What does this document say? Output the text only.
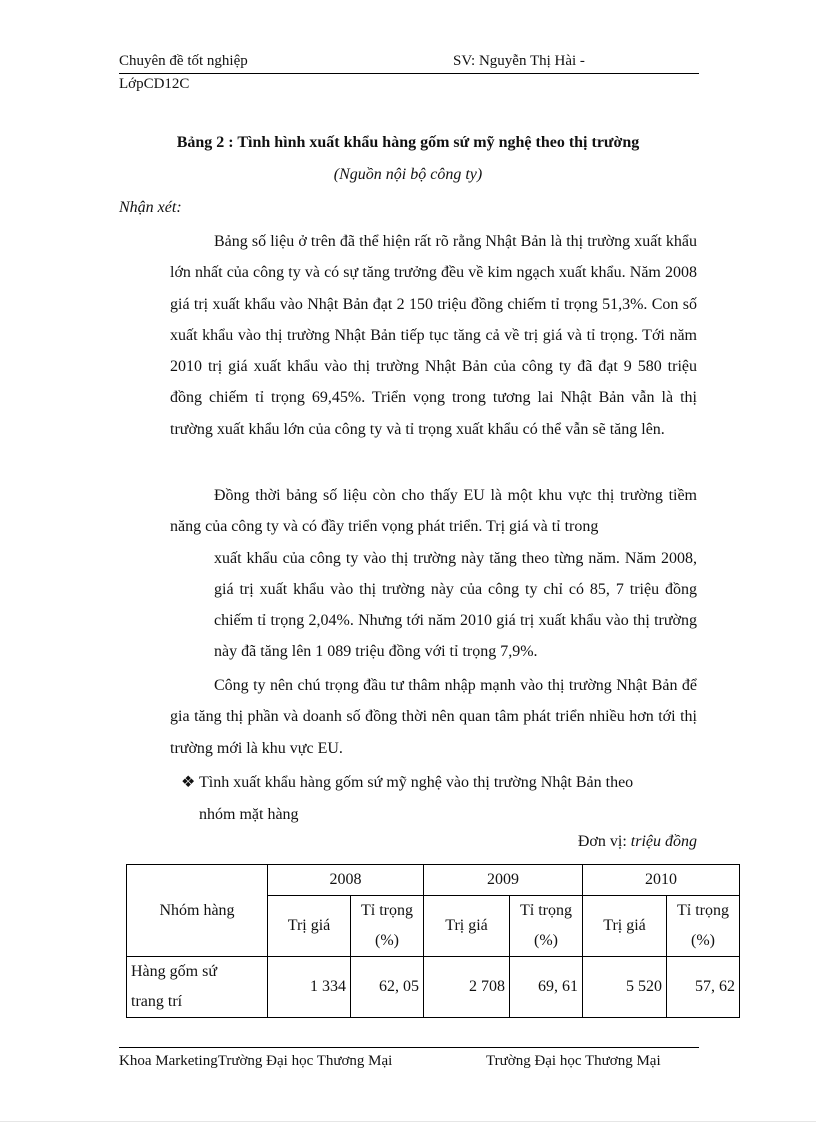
Chuyên đề tốt nghiệp	SV: Nguyễn Thị Hài -
LớpCD12C
Bảng 2 : Tình hình xuất khẩu hàng gốm sứ mỹ nghệ theo thị trường
(Nguồn nội bộ công ty)
Nhận xét:
Bảng số liệu ở trên đã thể hiện rất rõ rằng Nhật Bản là thị trường xuất khẩu lớn nhất của công ty và có sự tăng trưởng đều về kim ngạch xuất khẩu. Năm 2008 giá trị xuất khẩu vào Nhật Bản đạt 2 150 triệu đồng chiếm tỉ trọng 51,3%. Con số xuất khẩu vào thị trường Nhật Bản tiếp tục tăng cả về trị giá và tỉ trọng. Tới năm 2010 trị giá xuất khẩu vào thị trường Nhật Bản của công ty đã đạt 9 580 triệu đồng chiếm tỉ trọng 69,45%. Triển vọng trong tương lai Nhật Bản vẫn là thị trường xuất khẩu lớn của công ty và tỉ trọng xuất khẩu có thể vẫn sẽ tăng lên.
Đồng thời bảng số liệu còn cho thấy EU là một khu vực thị trường tiềm năng của công ty và có đầy triển vọng phát triển. Trị giá và tỉ trong
xuất khẩu của công ty vào thị trường này tăng theo từng năm. Năm 2008, giá trị xuất khẩu vào thị trường này của công ty chỉ có 85, 7 triệu đồng chiếm tỉ trọng 2,04%. Nhưng tới năm 2010 giá trị xuất khẩu vào thị trường này đã tăng lên 1 089 triệu đồng với tỉ trọng 7,9%.
Công ty nên chú trọng đầu tư thâm nhập mạnh vào thị trường Nhật Bản để gia tăng thị phần và doanh số đồng thời nên quan tâm phát triển nhiều hơn tới thị trường mới là khu vực EU.
❖ Tình xuất khẩu hàng gốm sứ mỹ nghệ vào thị trường Nhật Bản theo
nhóm mặt hàng
Đơn vị: triệu đồng
Nhóm hàng	2008		2009		2010	
	Trị giá	Tỉ trọng
(%)	Trị giá	Tỉ trọng
(%)	Trị giá	Tỉ trọng
(%)
Hàng gốm sứ
trang trí	1 334	62, 05	2 708	69, 61	5 520	57, 62
Khoa MarketingTrường Đại học Thương Mại	Trường Đại học Thương Mại
